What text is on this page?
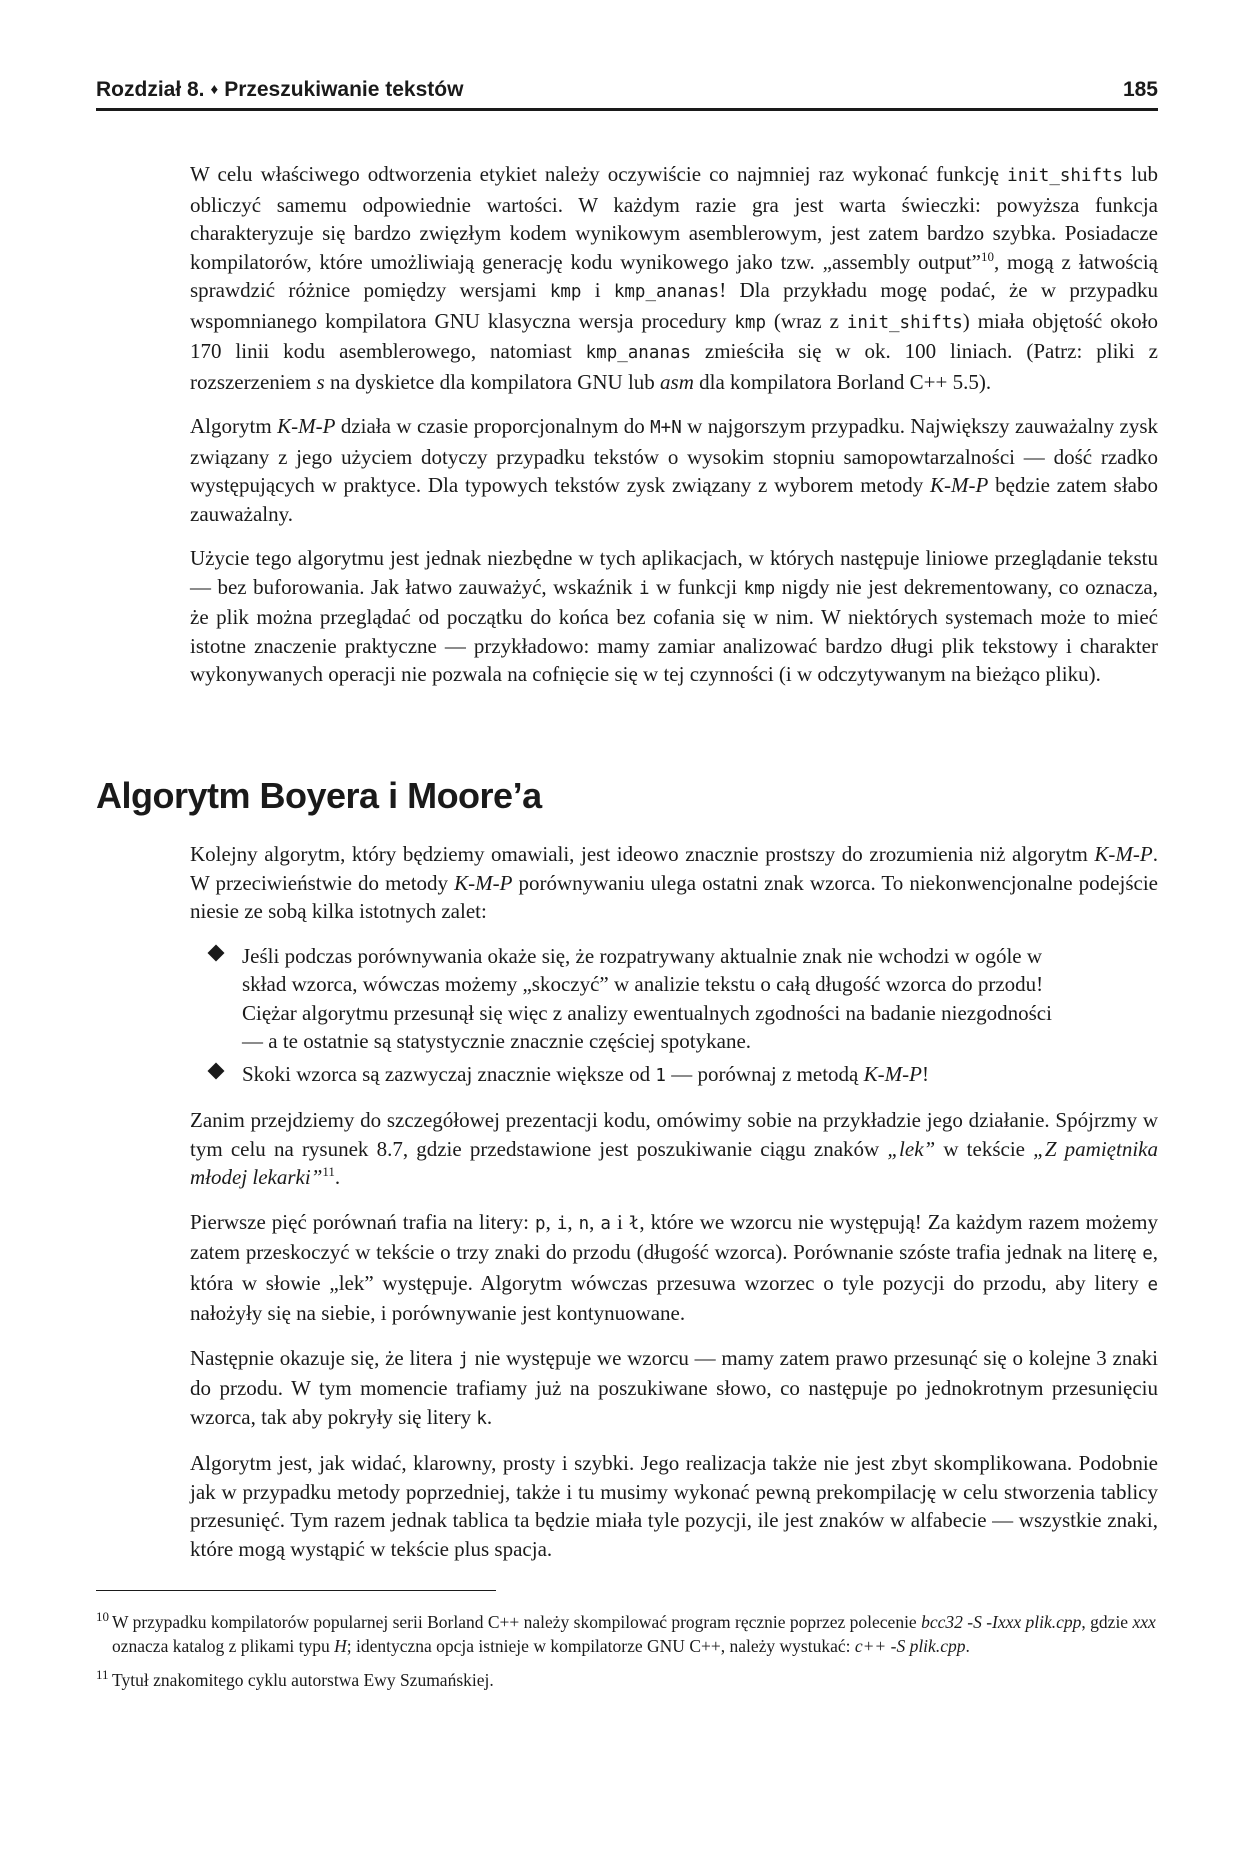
Rozdział 8. ♦ Przeszukiwanie tekstów	185

W celu właściwego odtworzenia etykiet należy oczywiście co najmniej raz wykonać funkcję init_shifts lub obliczyć samemu odpowiednie wartości. W każdym razie gra jest warta świeczki: powyższa funkcja charakteryzuje się bardzo zwięzłym kodem wynikowym asemblerowym, jest zatem bardzo szybka. Posiadacze kompilatorów, które umożliwiają generację kodu wynikowego jako tzw. „assembly output”$^{10}$, mogą z łatwością sprawdzić różnice pomiędzy wersjami kmp i kmp_ananas! Dla przykładu mogę podać, że w przypadku wspomnianego kompilatora GNU klasyczna wersja procedury kmp (wraz z init_shifts) miała objętość około 170 linii kodu asemblerowego, natomiast kmp_ananas zmieściła się w ok. 100 liniach. (Patrz: pliki z rozszerzeniem s na dyskietce dla kompilatora GNU lub asm dla kompilatora Borland C++ 5.5).

Algorytm K-M-P działa w czasie proporcjonalnym do M+N w najgorszym przypadku. Największy zauważalny zysk związany z jego użyciem dotyczy przypadku tekstów o wysokim stopniu samopowtarzalności — dość rzadko występujących w praktyce. Dla typowych tekstów zysk związany z wyborem metody K-M-P będzie zatem słabo zauważalny.

Użycie tego algorytmu jest jednak niezbędne w tych aplikacjach, w których następuje liniowe przeglądanie tekstu — bez buforowania. Jak łatwo zauważyć, wskaźnik i w funkcji kmp nigdy nie jest dekrementowany, co oznacza, że plik można przeglądać od początku do końca bez cofania się w nim. W niektórych systemach może to mieć istotne znaczenie praktyczne — przykładowo: mamy zamiar analizować bardzo długi plik tekstowy i charakter wykonywanych operacji nie pozwala na cofnięcie się w tej czynności (i w odczytywanym na bieżąco pliku).

Algorytm Boyera i Moore’a

Kolejny algorytm, który będziemy omawiali, jest ideowo znacznie prostszy do zrozumienia niż algorytm K-M-P. W przeciwieństwie do metody K-M-P porównywaniu ulega ostatni znak wzorca. To niekonwencjonalne podejście niesie ze sobą kilka istotnych zalet:

Jeśli podczas porównywania okaże się, że rozpatrywany aktualnie znak nie wchodzi w ogóle w skład wzorca, wówczas możemy „skoczyć” w analizie tekstu o całą długość wzorca do przodu! Ciężar algorytmu przesunął się więc z analizy ewentualnych zgodności na badanie niezgodności — a te ostatnie są statystycznie znacznie częściej spotykane.
Skoki wzorca są zazwyczaj znacznie większe od 1 — porównaj z metodą K-M-P!

Zanim przejdziemy do szczegółowej prezentacji kodu, omówimy sobie na przykładzie jego działanie. Spójrzmy w tym celu na rysunek 8.7, gdzie przedstawione jest poszukiwanie ciągu znaków „lek” w tekście „Z pamiętnika młodej lekarki”$^{11}$.

Pierwsze pięć porównań trafia na litery: p, i, n, a i ł, które we wzorcu nie występują! Za każdym razem możemy zatem przeskoczyć w tekście o trzy znaki do przodu (długość wzorca). Porównanie szóste trafia jednak na literę e, która w słowie „lek” występuje. Algorytm wówczas przesuwa wzorzec o tyle pozycji do przodu, aby litery e nałożyły się na siebie, i porównywanie jest kontynuowane.

Następnie okazuje się, że litera j nie występuje we wzorcu — mamy zatem prawo przesunąć się o kolejne 3 znaki do przodu. W tym momencie trafiamy już na poszukiwane słowo, co następuje po jednokrotnym przesunięciu wzorca, tak aby pokryły się litery k.

Algorytm jest, jak widać, klarowny, prosty i szybki. Jego realizacja także nie jest zbyt skomplikowana. Podobnie jak w przypadku metody poprzedniej, także i tu musimy wykonać pewną prekompilację w celu stworzenia tablicy przesunięć. Tym razem jednak tablica ta będzie miała tyle pozycji, ile jest znaków w alfabecie — wszystkie znaki, które mogą wystąpić w tekście plus spacja.

10 W przypadku kompilatorów popularnej serii Borland C++ należy skompilować program ręcznie poprzez polecenie bcc32 -S -Ixxx plik.cpp, gdzie xxx oznacza katalog z plikami typu H; identyczna opcja istnieje w kompilatorze GNU C++, należy wystukać: c++ -S plik.cpp.
11 Tytuł znakomitego cyklu autorstwa Ewy Szumańskiej.
